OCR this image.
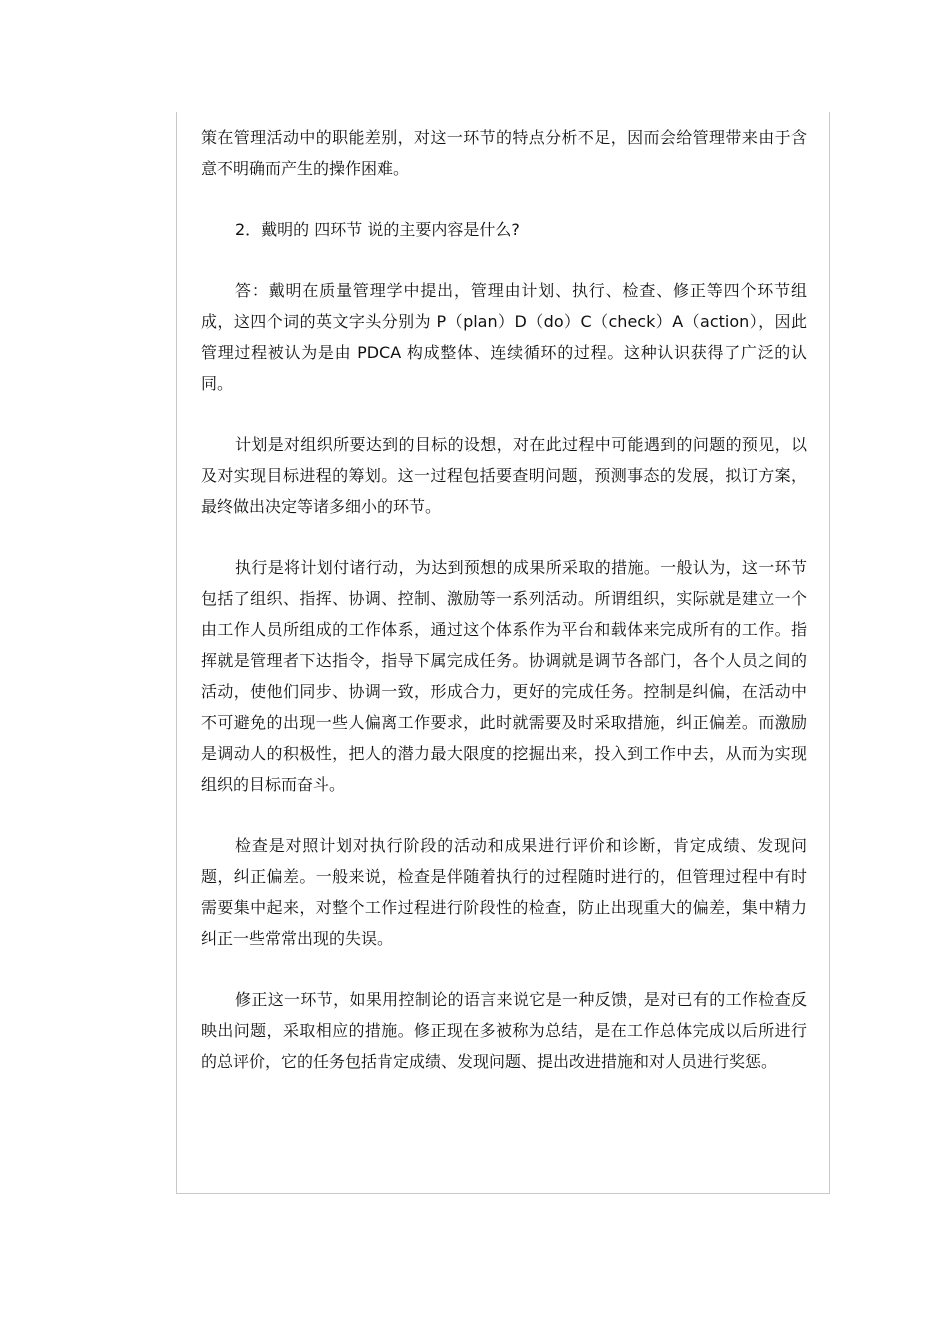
策在管理活动中的职能差别，对这一环节的特点分析不足，因而会给管理带来由于含意不明确而产生的操作困难。

2．戴明的 四环节 说的主要内容是什么?

答：戴明在质量管理学中提出，管理由计划、执行、检查、修正等四个环节组成，这四个词的英文字头分别为 P（plan）D（do）C（check）A（action），因此管理过程被认为是由 PDCA 构成整体、连续循环的过程。这种认识获得了广泛的认同。

计划是对组织所要达到的目标的设想，对在此过程中可能遇到的问题的预见，以及对实现目标进程的筹划。这一过程包括要查明问题，预测事态的发展，拟订方案，最终做出决定等诸多细小的环节。

执行是将计划付诸行动，为达到预想的成果所采取的措施。一般认为，这一环节包括了组织、指挥、协调、控制、激励等一系列活动。所谓组织，实际就是建立一个由工作人员所组成的工作体系，通过这个体系作为平台和载体来完成所有的工作。指挥就是管理者下达指令，指导下属完成任务。协调就是调节各部门，各个人员之间的活动，使他们同步、协调一致，形成合力，更好的完成任务。控制是纠偏，在活动中不可避免的出现一些人偏离工作要求，此时就需要及时采取措施，纠正偏差。而激励是调动人的积极性，把人的潜力最大限度的挖掘出来，投入到工作中去，从而为实现组织的目标而奋斗。

检查是对照计划对执行阶段的活动和成果进行评价和诊断，肯定成绩、发现问题，纠正偏差。一般来说，检查是伴随着执行的过程随时进行的，但管理过程中有时需要集中起来，对整个工作过程进行阶段性的检查，防止出现重大的偏差，集中精力纠正一些常常出现的失误。

修正这一环节，如果用控制论的语言来说它是一种反馈，是对已有的工作检查反映出问题，采取相应的措施。修正现在多被称为总结，是在工作总体完成以后所进行的总评价，它的任务包括肯定成绩、发现问题、提出改进措施和对人员进行奖惩。
